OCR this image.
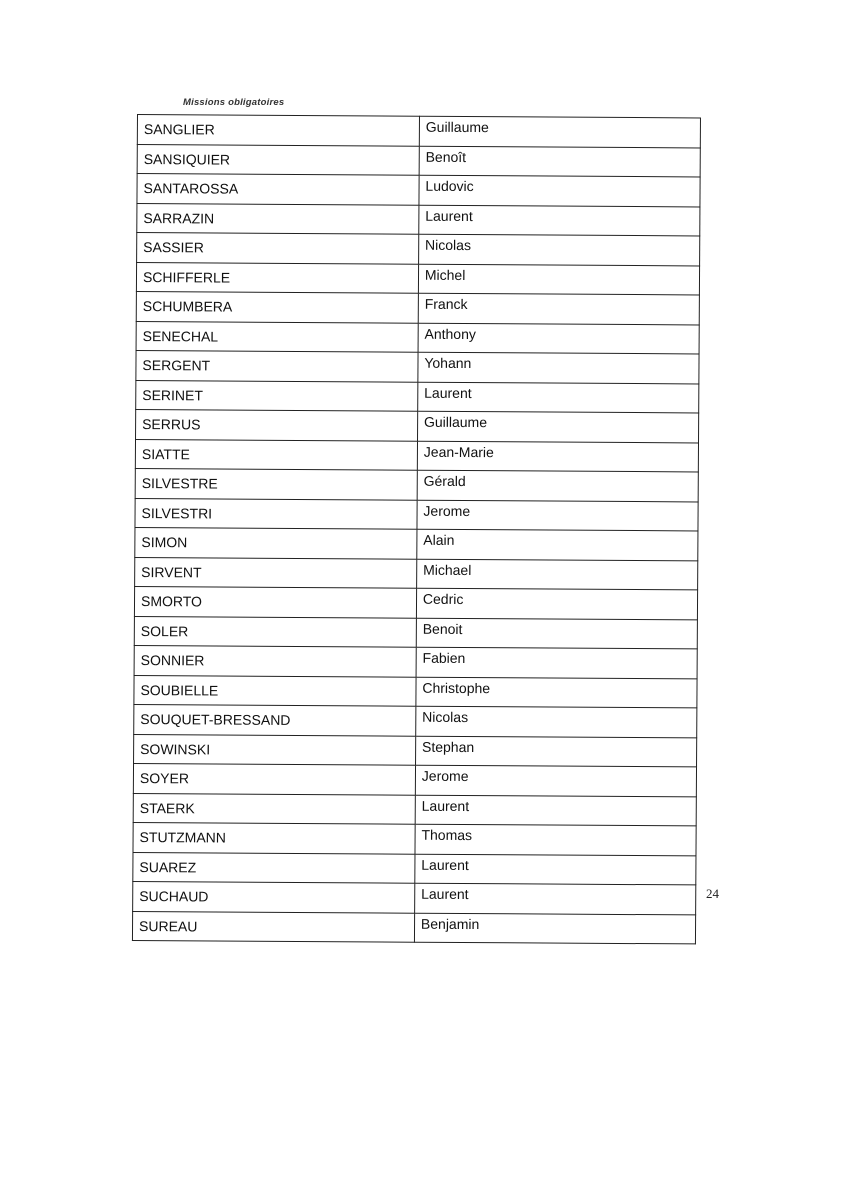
Missions obligatoires
SANGLIER	Guillaume
SANSIQUIER	Benoît
SANTAROSSA	Ludovic
SARRAZIN	Laurent
SASSIER	Nicolas
SCHIFFERLE	Michel
SCHUMBERA	Franck
SENECHAL	Anthony
SERGENT	Yohann
SERINET	Laurent
SERRUS	Guillaume
SIATTE	Jean-Marie
SILVESTRE	Gérald
SILVESTRI	Jerome
SIMON	Alain
SIRVENT	Michael
SMORTO	Cedric
SOLER	Benoit
SONNIER	Fabien
SOUBIELLE	Christophe
SOUQUET-BRESSAND	Nicolas
SOWINSKI	Stephan
SOYER	Jerome
STAERK	Laurent
STUTZMANN	Thomas
SUAREZ	Laurent
SUCHAUD	Laurent
SUREAU	Benjamin
24
